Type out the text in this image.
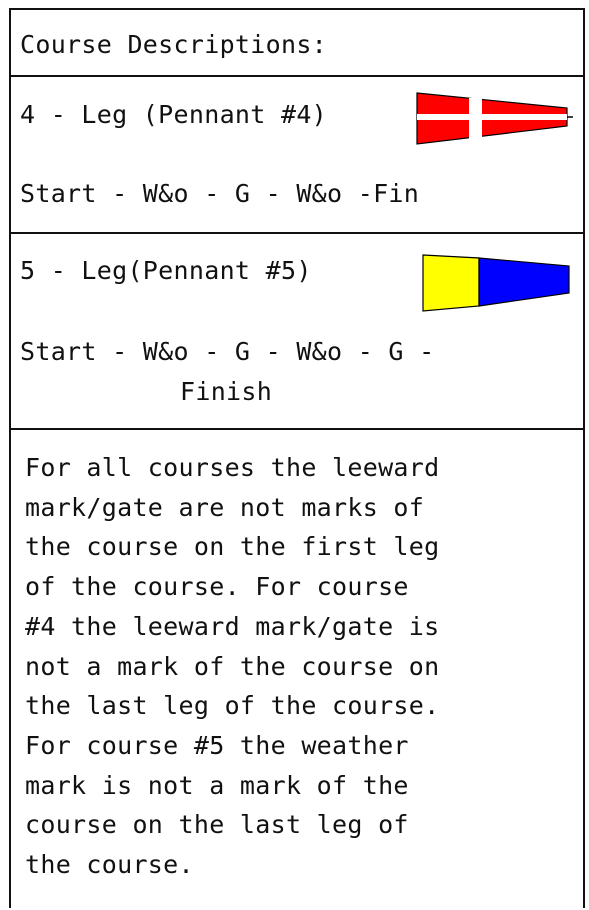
Course Descriptions:
4 - Leg (Pennant #4)
Start - W&o - G - W&o -Fin
5 - Leg(Pennant #5)
Start - W&o - G - W&o - G -
Finish
For all courses the leeward
mark/gate are not marks of
the course on the first leg
of the course. For course
#4 the leeward mark/gate is
not a mark of the course on
the last leg of the course.
For course #5 the weather
mark is not a mark of the
course on the last leg of
the course.
